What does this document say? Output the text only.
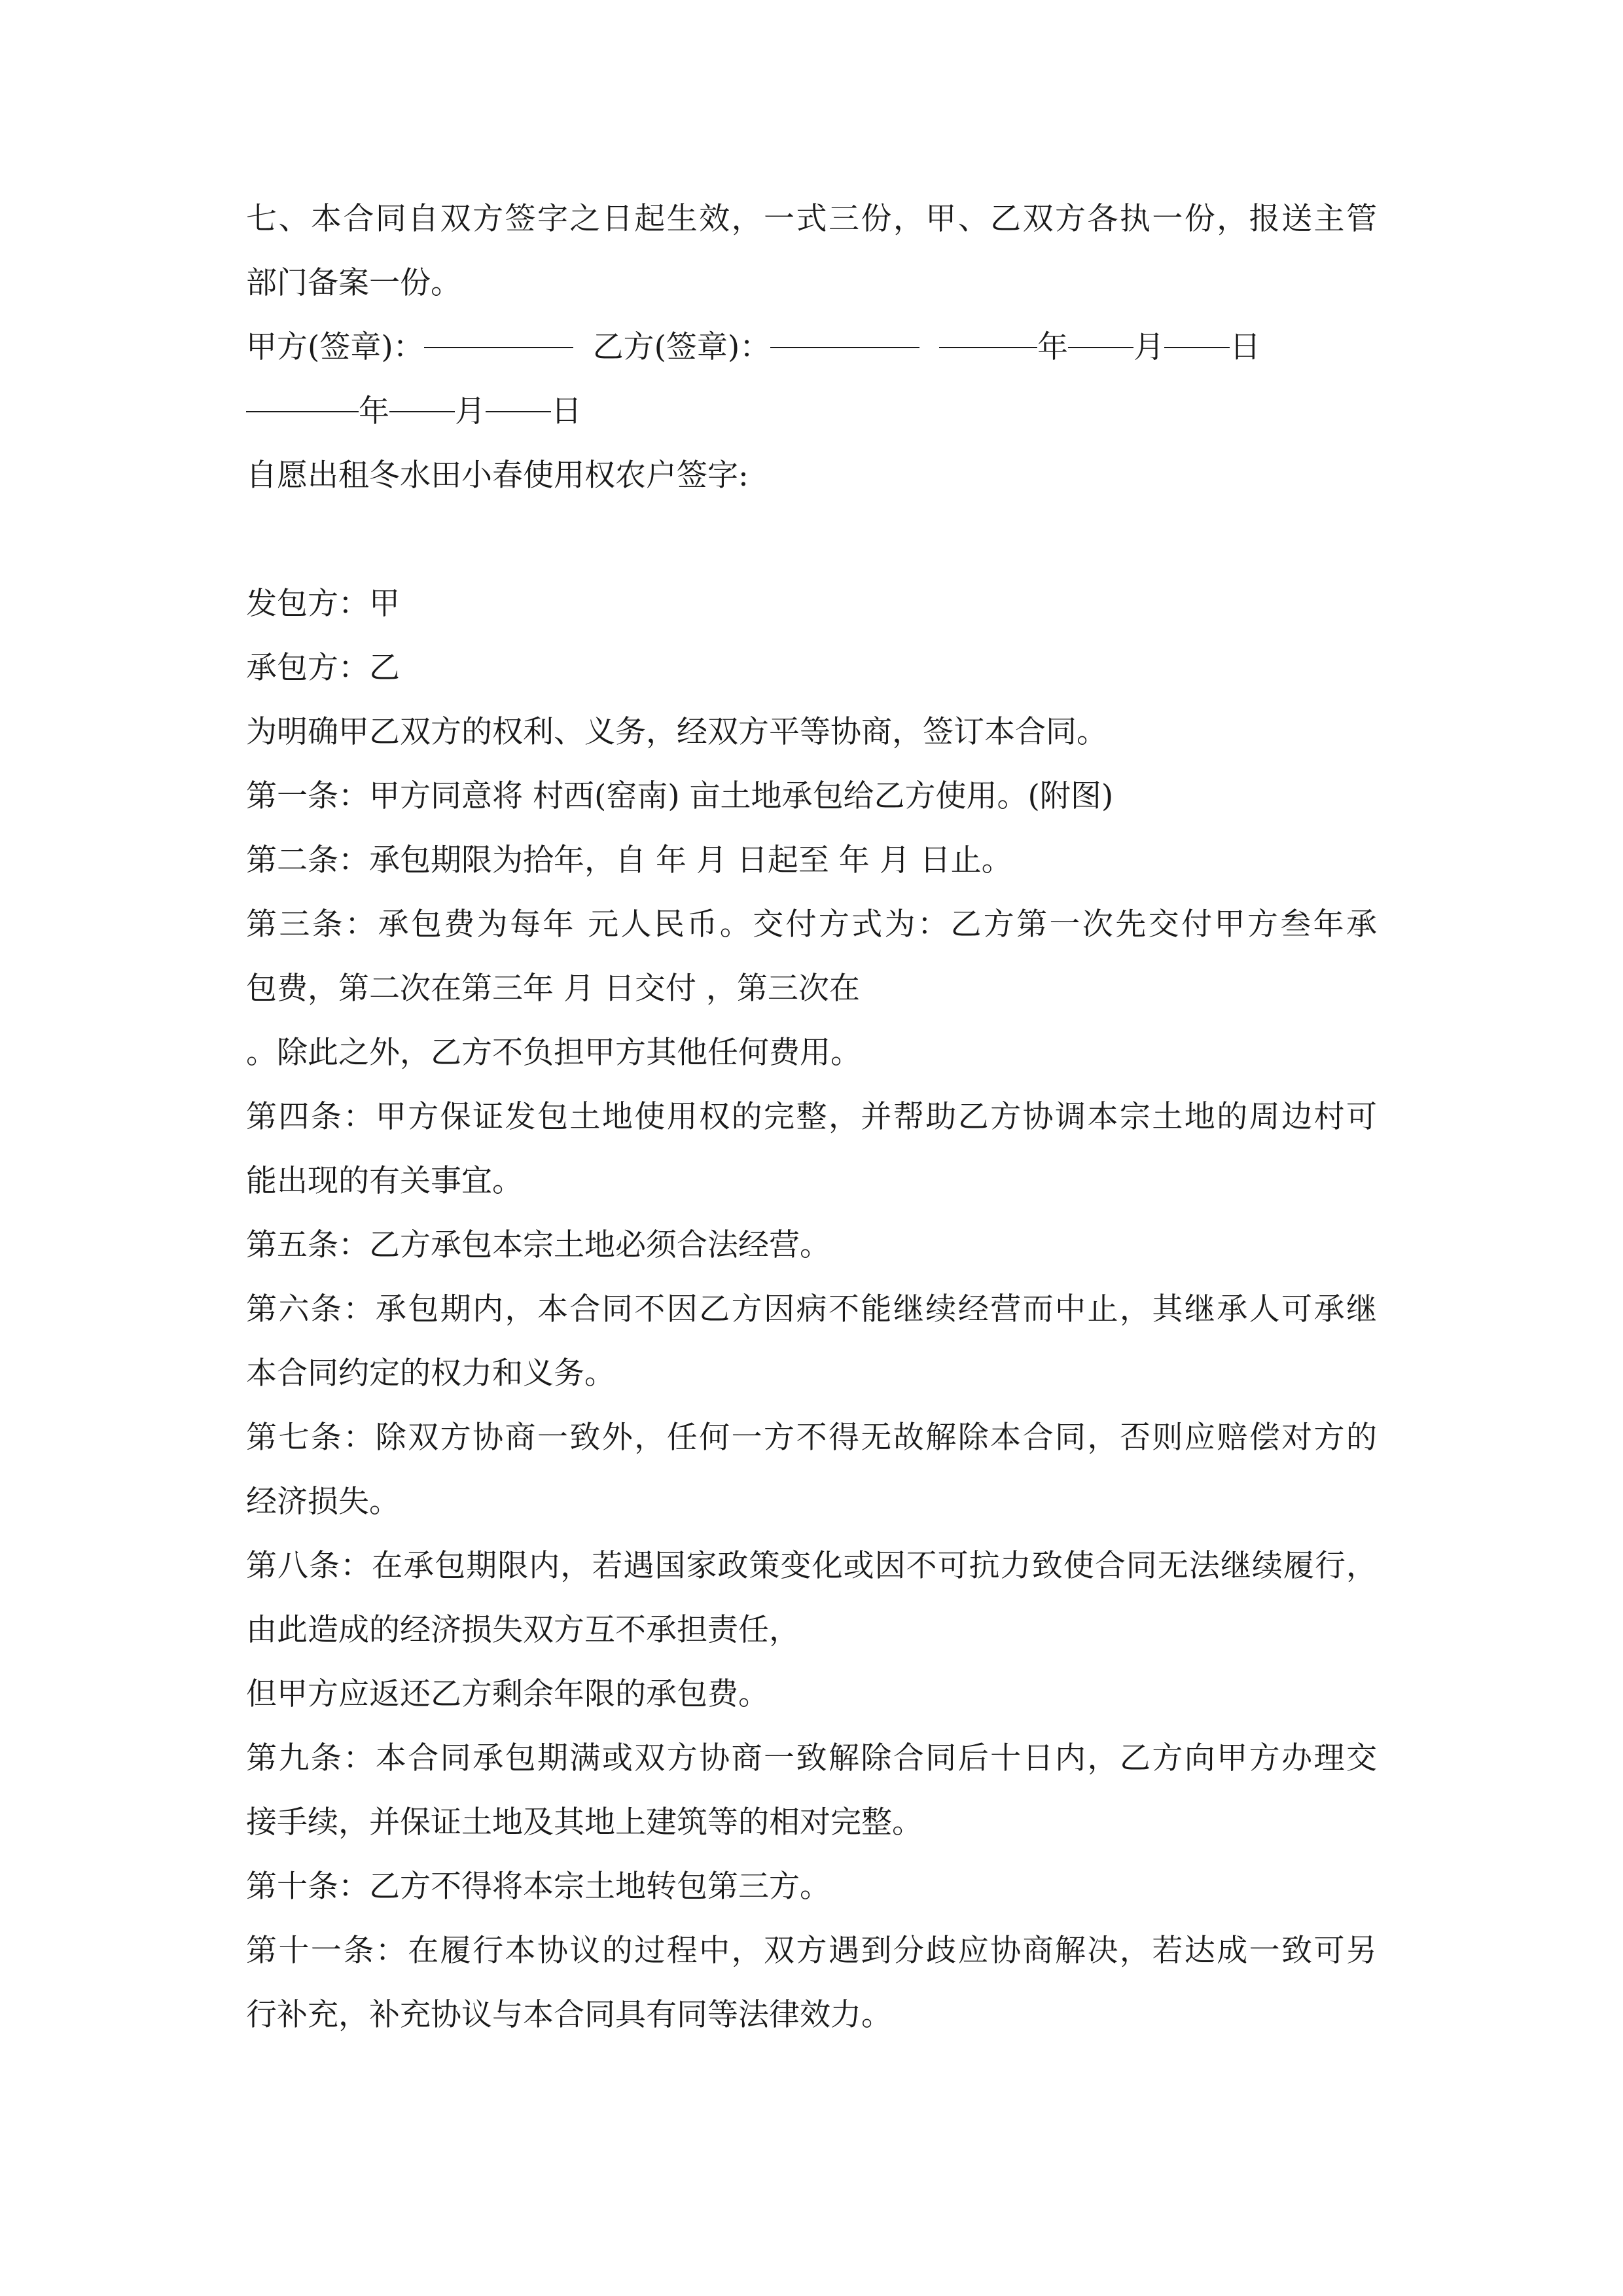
七、本合同自双方签字之日起生效，一式三份，甲、乙双方各执一份，报送主管
部门备案一份。
甲方(签章)：	乙方(签章)：	年 月 日
年 月 日
自愿出租冬水田小春使用权农户签字:
发包方：甲
承包方：乙
为明确甲乙双方的权利、义务，经双方平等协商，签订本合同。
第一条：甲方同意将 村西(窑南) 亩土地承包给乙方使用。(附图)
第二条：承包期限为拾年，自 年 月 日起至 年 月 日止。
第三条：承包费为每年 元人民币。交付方式为：乙方第一次先交付甲方叁年承
包费，第二次在第三年 月 日交付 ，第三次在
。除此之外，乙方不负担甲方其他任何费用。
第四条：甲方保证发包土地使用权的完整，并帮助乙方协调本宗土地的周边村可
能出现的有关事宜。
第五条：乙方承包本宗土地必须合法经营。
第六条：承包期内，本合同不因乙方因病不能继续经营而中止，其继承人可承继
本合同约定的权力和义务。
第七条：除双方协商一致外，任何一方不得无故解除本合同，否则应赔偿对方的
经济损失。
第八条：在承包期限内，若遇国家政策变化或因不可抗力致使合同无法继续履行，
由此造成的经济损失双方互不承担责任，
但甲方应返还乙方剩余年限的承包费。
第九条：本合同承包期满或双方协商一致解除合同后十日内，乙方向甲方办理交
接手续，并保证土地及其地上建筑等的相对完整。
第十条：乙方不得将本宗土地转包第三方。
第十一条：在履行本协议的过程中，双方遇到分歧应协商解决，若达成一致可另
行补充，补充协议与本合同具有同等法律效力。
